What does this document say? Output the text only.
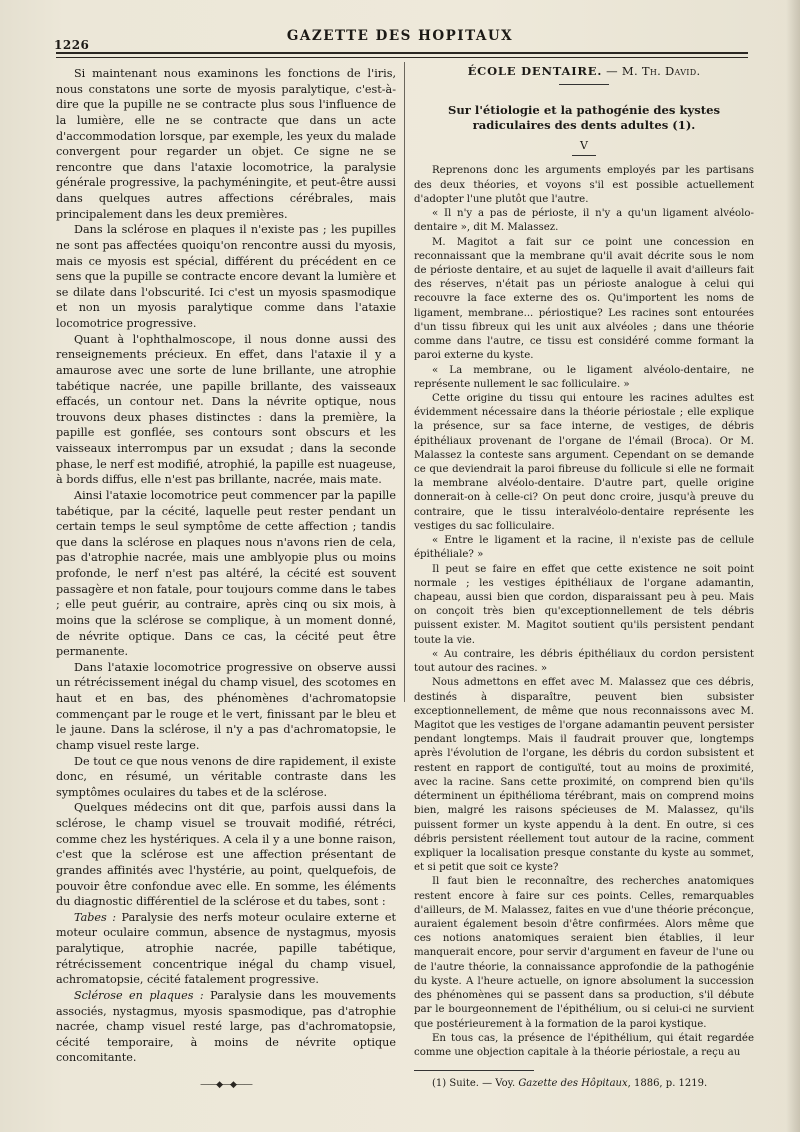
1226
GAZETTE DES HOPITAUX

Si maintenant nous examinons les fonctions de l'iris, nous constatons une sorte de myosis paralytique, c'est-à-dire que la pupille ne se contracte plus sous l'influence de la lumière, elle ne se contracte que dans un acte d'accommodation lorsque, par exemple, les yeux du malade convergent pour regarder un objet. Ce signe ne se rencontre que dans l'ataxie locomotrice, la paralysie générale progressive, la pachyméningite, et peut-être aussi dans quelques autres affections cérébrales, mais principalement dans les deux premières.

Dans la sclérose en plaques il n'existe pas ; les pupilles ne sont pas affectées quoiqu'on rencontre aussi du myosis, mais ce myosis est spécial, différent du précédent en ce sens que la pupille se contracte encore devant la lumière et se dilate dans l'obscurité. Ici c'est un myosis spasmodique et non un myosis paralytique comme dans l'ataxie locomotrice progressive.

Quant à l'ophthalmoscope, il nous donne aussi des renseignements précieux. En effet, dans l'ataxie il y a amaurose avec une sorte de lune brillante, une atrophie tabétique nacrée, une papille brillante, des vaisseaux effacés, un contour net. Dans la névrite optique, nous trouvons deux phases distinctes : dans la première, la papille est gonflée, ses contours sont obscurs et les vaisseaux interrompus par un exsudat ; dans la seconde phase, le nerf est modifié, atrophié, la papille est nuageuse, à bords diffus, elle n'est pas brillante, nacrée, mais mate.

Ainsi l'ataxie locomotrice peut commencer par la papille tabétique, par la cécité, laquelle peut rester pendant un certain temps le seul symptôme de cette affection ; tandis que dans la sclérose en plaques nous n'avons rien de cela, pas d'atrophie nacrée, mais une amblyopie plus ou moins profonde, le nerf n'est pas altéré, la cécité est souvent passagère et non fatale, pour toujours comme dans le tabes ; elle peut guérir, au contraire, après cinq ou six mois, à moins que la sclérose se complique, à un moment donné, de névrite optique. Dans ce cas, la cécité peut être permanente.

Dans l'ataxie locomotrice progressive on observe aussi un rétrécissement inégal du champ visuel, des scotomes en haut et en bas, des phénomènes d'achromatopsie commençant par le rouge et le vert, finissant par le bleu et le jaune. Dans la sclérose, il n'y a pas d'achromatopsie, le champ visuel reste large.

De tout ce que nous venons de dire rapidement, il existe donc, en résumé, un véritable contraste dans les symptômes oculaires du tabes et de la sclérose.

Quelques médecins ont dit que, parfois aussi dans la sclérose, le champ visuel se trouvait modifié, rétréci, comme chez les hystériques. A cela il y a une bonne raison, c'est que la sclérose est une affection présentant de grandes affinités avec l'hystérie, au point, quelquefois, de pouvoir être confondue avec elle. En somme, les éléments du diagnostic différentiel de la sclérose et du tabes, sont :

Tabes : Paralysie des nerfs moteur oculaire externe et moteur oculaire commun, absence de nystagmus, myosis paralytique, atrophie nacrée, papille tabétique, rétrécissement concentrique inégal du champ visuel, achromatopsie, cécité fatalement progressive.

Sclérose en plaques : Paralysie dans les mouvements associés, nystagmus, myosis spasmodique, pas d'atrophie nacrée, champ visuel resté large, pas d'achromatopsie, cécité temporaire, à moins de névrite optique concomitante.

——◆—◆——
ÉCOLE DENTAIRE. — M. Th. David.
Sur l'étiologie et la pathogénie des kystes radiculaires des dents adultes (1).
V

Reprenons donc les arguments employés par les partisans des deux théories, et voyons s'il est possible actuellement d'adopter l'une plutôt que l'autre.

« Il n'y a pas de périoste, il n'y a qu'un ligament alvéolo-dentaire », dit M. Malassez.

M. Magitot a fait sur ce point une concession en reconnaissant que la membrane qu'il avait décrite sous le nom de périoste dentaire, et au sujet de laquelle il avait d'ailleurs fait des réserves, n'était pas un périoste analogue à celui qui recouvre la face externe des os. Qu'importent les noms de ligament, membrane... périostique? Les racines sont entourées d'un tissu fibreux qui les unit aux alvéoles ; dans une théorie comme dans l'autre, ce tissu est considéré comme formant la paroi externe du kyste.

« La membrane, ou le ligament alvéolo-dentaire, ne représente nullement le sac folliculaire. »

Cette origine du tissu qui entoure les racines adultes est évidemment nécessaire dans la théorie périostale ; elle explique la présence, sur sa face interne, de vestiges, de débris épithéliaux provenant de l'organe de l'émail (Broca). Or M. Malassez la conteste sans argument. Cependant on se demande ce que deviendrait la paroi fibreuse du follicule si elle ne formait la membrane alvéolo-dentaire. D'autre part, quelle origine donnerait-on à celle-ci? On peut donc croire, jusqu'à preuve du contraire, que le tissu interalvéolo-dentaire représente les vestiges du sac folliculaire.

« Entre le ligament et la racine, il n'existe pas de cellule épithéliale? »

Il peut se faire en effet que cette existence ne soit point normale ; les vestiges épithéliaux de l'organe adamantin, chapeau, aussi bien que cordon, disparaissant peu à peu. Mais on conçoit très bien qu'exceptionnellement de tels débris puissent exister. M. Magitot soutient qu'ils persistent pendant toute la vie.

« Au contraire, les débris épithéliaux du cordon persistent tout autour des racines. »

Nous admettons en effet avec M. Malassez que ces débris, destinés à disparaître, peuvent bien subsister exceptionnellement, de même que nous reconnaissons avec M. Magitot que les vestiges de l'organe adamantin peuvent persister pendant longtemps. Mais il faudrait prouver que, longtemps après l'évolution de l'organe, les débris du cordon subsistent et restent en rapport de contiguïté, tout au moins de proximité, avec la racine. Sans cette proximité, on comprend bien qu'ils déterminent un épithélioma térébrant, mais on comprend moins bien, malgré les raisons spécieuses de M. Malassez, qu'ils puissent former un kyste appendu à la dent. En outre, si ces débris persistent réellement tout autour de la racine, comment expliquer la localisation presque constante du kyste au sommet, et si petit que soit ce kyste?

Il faut bien le reconnaître, des recherches anatomiques restent encore à faire sur ces points. Celles, remarquables d'ailleurs, de M. Malassez, faites en vue d'une théorie préconçue, auraient également besoin d'être confirmées. Alors même que ces notions anatomiques seraient bien établies, il leur manquerait encore, pour servir d'argument en faveur de l'une ou de l'autre théorie, la connaissance approfondie de la pathogénie du kyste. A l'heure actuelle, on ignore absolument la succession des phénomènes qui se passent dans sa production, s'il débute par le bourgeonnement de l'épithélium, ou si celui-ci ne survient que postérieurement à la formation de la paroi kystique.

En tous cas, la présence de l'épithélium, qui était regardée comme une objection capitale à la théorie périostale, a reçu au

(1) Suite. — Voy. Gazette des Hôpitaux, 1886, p. 1219.
